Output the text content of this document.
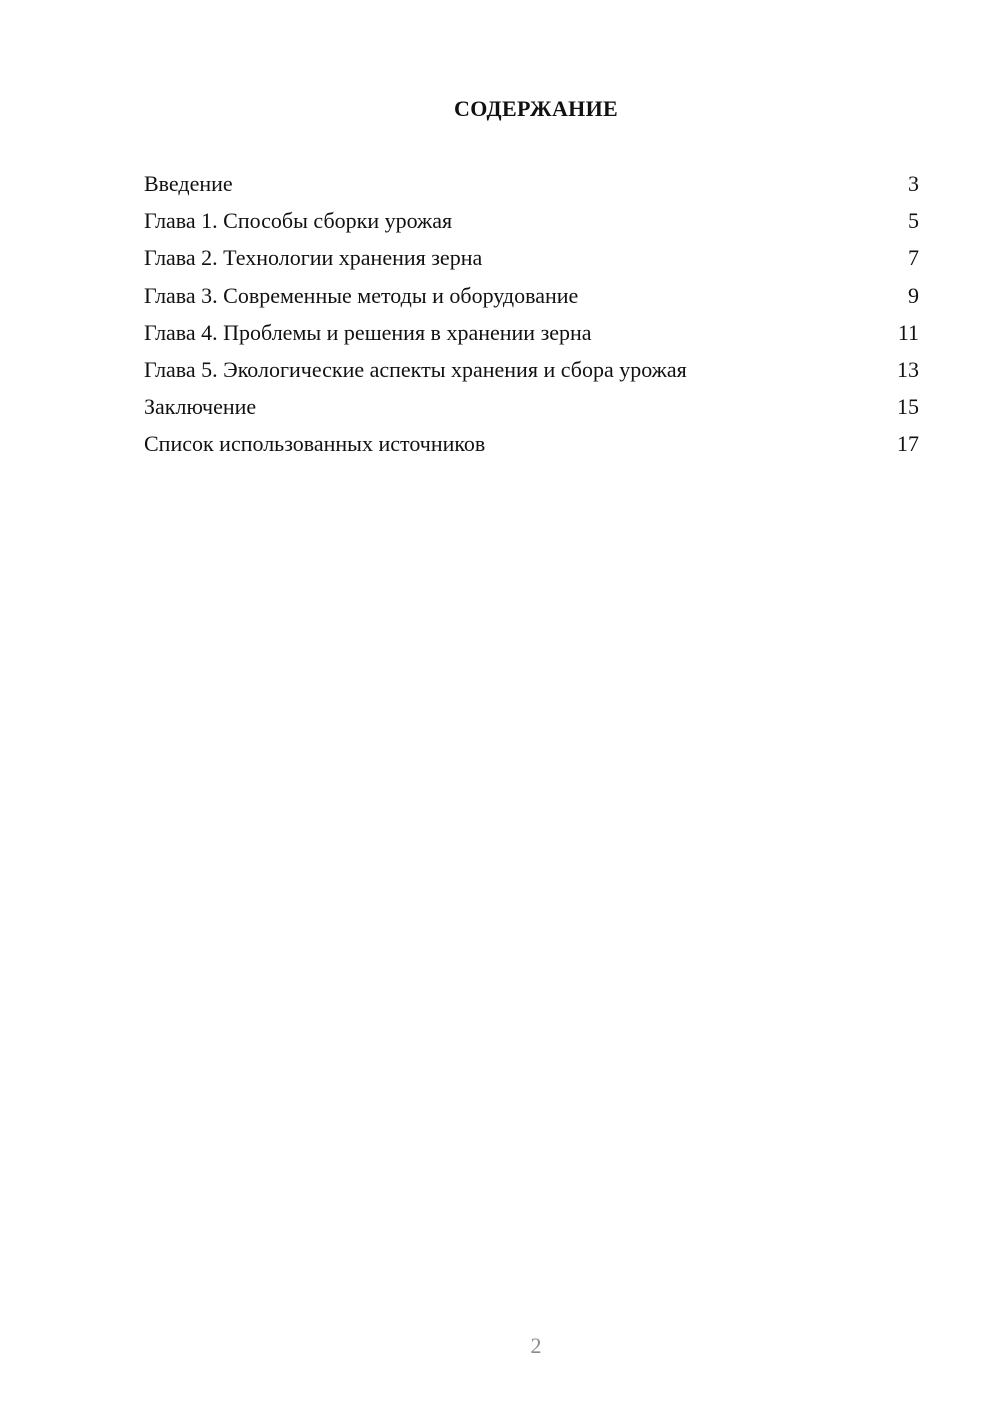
СОДЕРЖАНИЕ
Введение	3
Глава 1. Способы сборки урожая	5
Глава 2. Технологии хранения зерна	7
Глава 3. Современные методы и оборудование	9
Глава 4. Проблемы и решения в хранении зерна	11
Глава 5. Экологические аспекты хранения и сбора урожая	13
Заключение	15
Список использованных источников	17
2
